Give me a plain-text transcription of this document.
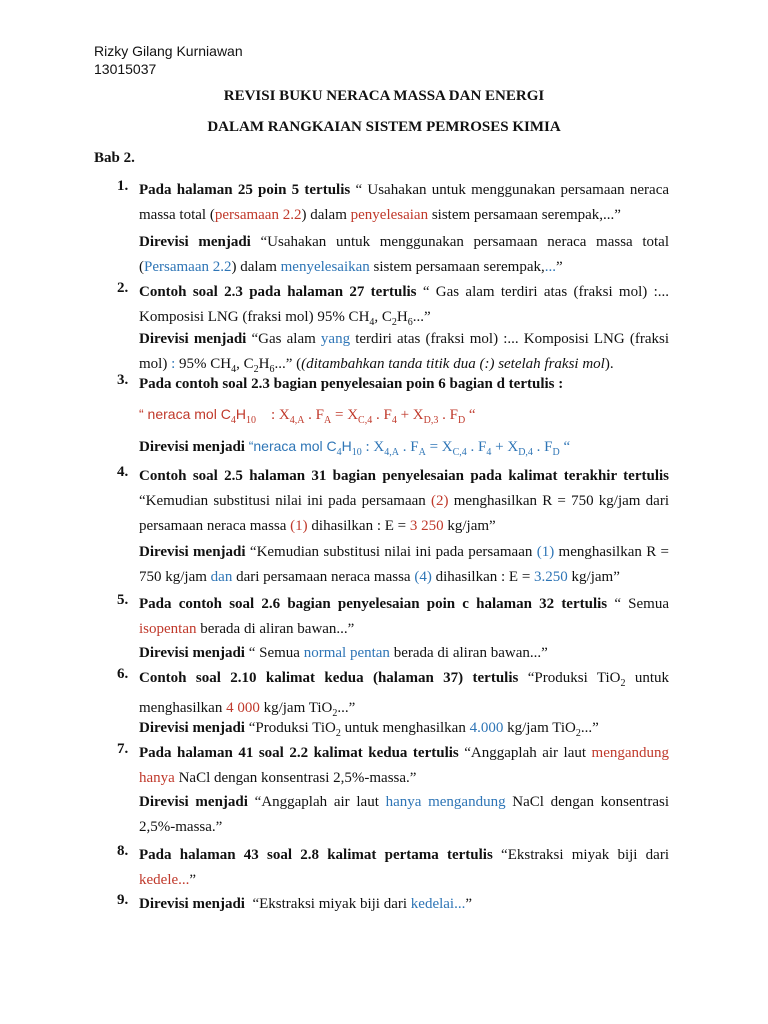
Rizky Gilang Kurniawan
13015037
REVISI BUKU NERACA MASSA DAN ENERGI
DALAM RANGKAIAN SISTEM PEMROSES KIMIA
Bab 2.
1. Pada halaman 25 poin 5 tertulis “ Usahakan untuk menggunakan persamaan neraca massa total (persamaan 2.2) dalam penyelesaian sistem persamaan serempak,...”
Direvisi menjadi “Usahakan untuk menggunakan persamaan neraca massa total (Persamaan 2.2) dalam menyelesaikan sistem persamaan serempak,...”
2. Contoh soal 2.3 pada halaman 27 tertulis “ Gas alam terdiri atas (fraksi mol) :... Komposisi LNG (fraksi mol) 95% $CH_4$, $C_2H_6$...”
Direvisi menjadi “Gas alam yang terdiri atas (fraksi mol) :... Komposisi LNG (fraksi mol) : 95% $CH_4$, $C_2H_6$...” ((ditambahkan tanda titik dua (:) setelah fraksi mol).
3. Pada contoh soal 2.3 bagian penyelesaian poin 6 bagian d tertulis :
“ neraca mol $C_4H_{10}$ : $X_{4,A}$ . $F_A = X_{C,4}$ . $F_4 + X_{D,3}$ . $F_D$ “
Direvisi menjadi “neraca mol $C_4H_{10}$ : $X_{4,A}$ . $F_A = X_{C,4}$ . $F_4 + X_{D,4}$ . $F_D$ “
4. Contoh soal 2.5 halaman 31 bagian penyelesaian pada kalimat terakhir tertulis “Kemudian substitusi nilai ini pada persamaan (2) menghasilkan R = 750 kg/jam dari persamaan neraca massa (1) dihasilkan : E = 3 250 kg/jam”
Direvisi menjadi “Kemudian substitusi nilai ini pada persamaan (1) menghasilkan R = 750 kg/jam dan dari persamaan neraca massa (4) dihasilkan : E = 3.250 kg/jam”
5. Pada contoh soal 2.6 bagian penyelesaian poin c halaman 32 tertulis “ Semua isopentan berada di aliran bawan...”
Direvisi menjadi “ Semua normal pentan berada di aliran bawan...”
6. Contoh soal 2.10 kalimat kedua (halaman 37) tertulis “Produksi TiO$_2$ untuk menghasilkan 4 000 kg/jam TiO$_2$...”
Direvisi menjadi “Produksi TiO$_2$ untuk menghasilkan 4.000 kg/jam TiO$_2$...”
7. Pada halaman 41 soal 2.2 kalimat kedua tertulis “Anggaplah air laut mengandung hanya NaCl dengan konsentrasi 2,5%-massa.”
Direvisi menjadi “Anggaplah air laut hanya mengandung NaCl dengan konsentrasi 2,5%-massa.”
8. Pada halaman 43 soal 2.8 kalimat pertama tertulis “Ekstraksi miyak biji dari kedele...”
9. Direvisi menjadi “Ekstraksi miyak biji dari kedelai...”
